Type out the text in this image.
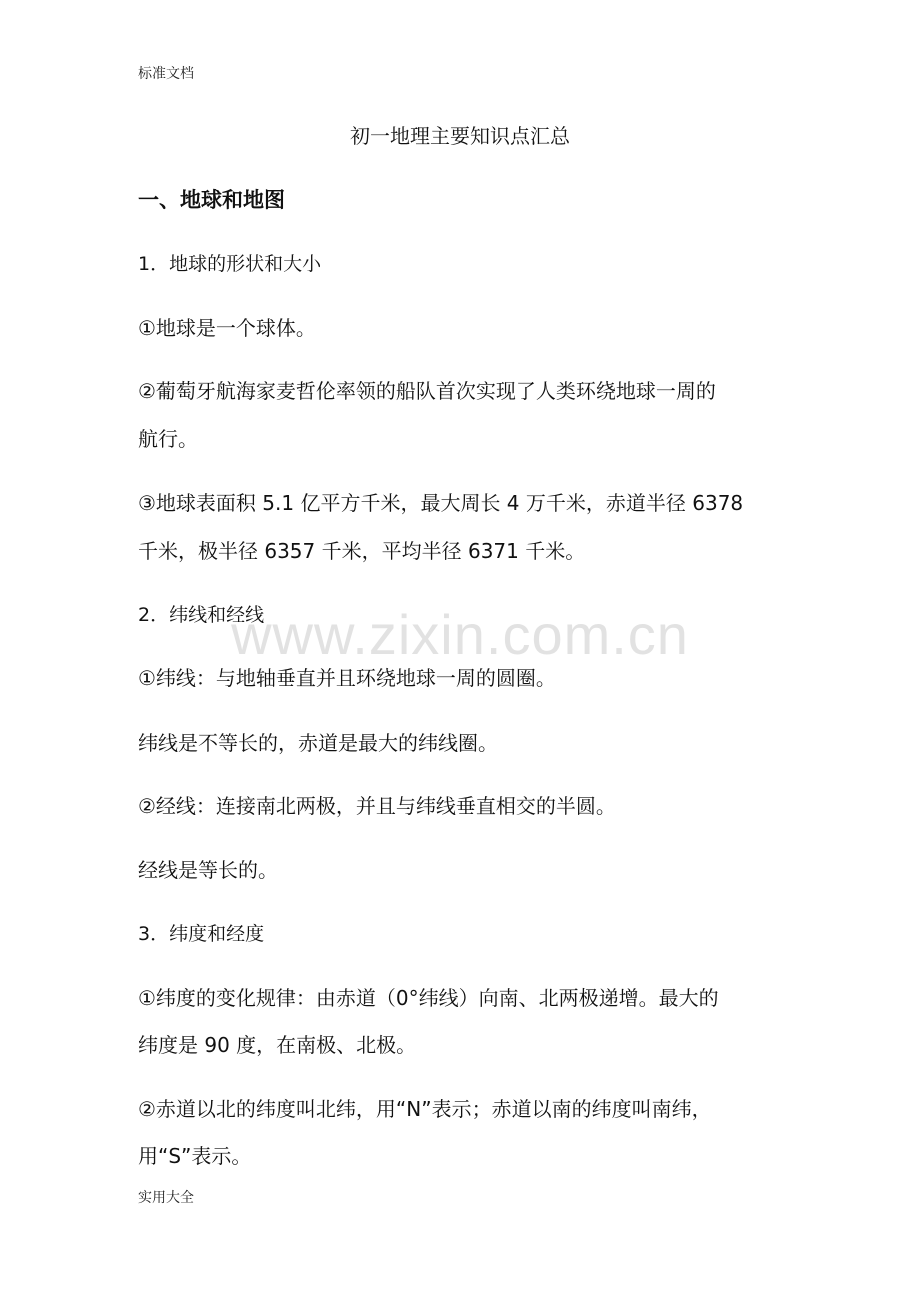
标准文档
初一地理主要知识点汇总
一、地球和地图

1．地球的形状和大小

①地球是一个球体。

②葡萄牙航海家麦哲伦率领的船队首次实现了人类环绕地球一周的

航行。

③地球表面积 5.1 亿平方千米，最大周长 4 万千米，赤道半径 6378

千米，极半径 6357 千米，平均半径 6371 千米。

2．纬线和经线

①纬线：与地轴垂直并且环绕地球一周的圆圈。

纬线是不等长的，赤道是最大的纬线圈。

②经线：连接南北两极，并且与纬线垂直相交的半圆。

经线是等长的。

3．纬度和经度

①纬度的变化规律：由赤道（0°纬线）向南、北两极递增。最大的

纬度是 90 度，在南极、北极。

②赤道以北的纬度叫北纬，用“N”表示；赤道以南的纬度叫南纬，

用“S”表示。

www.zixin.com.cn
实用大全
